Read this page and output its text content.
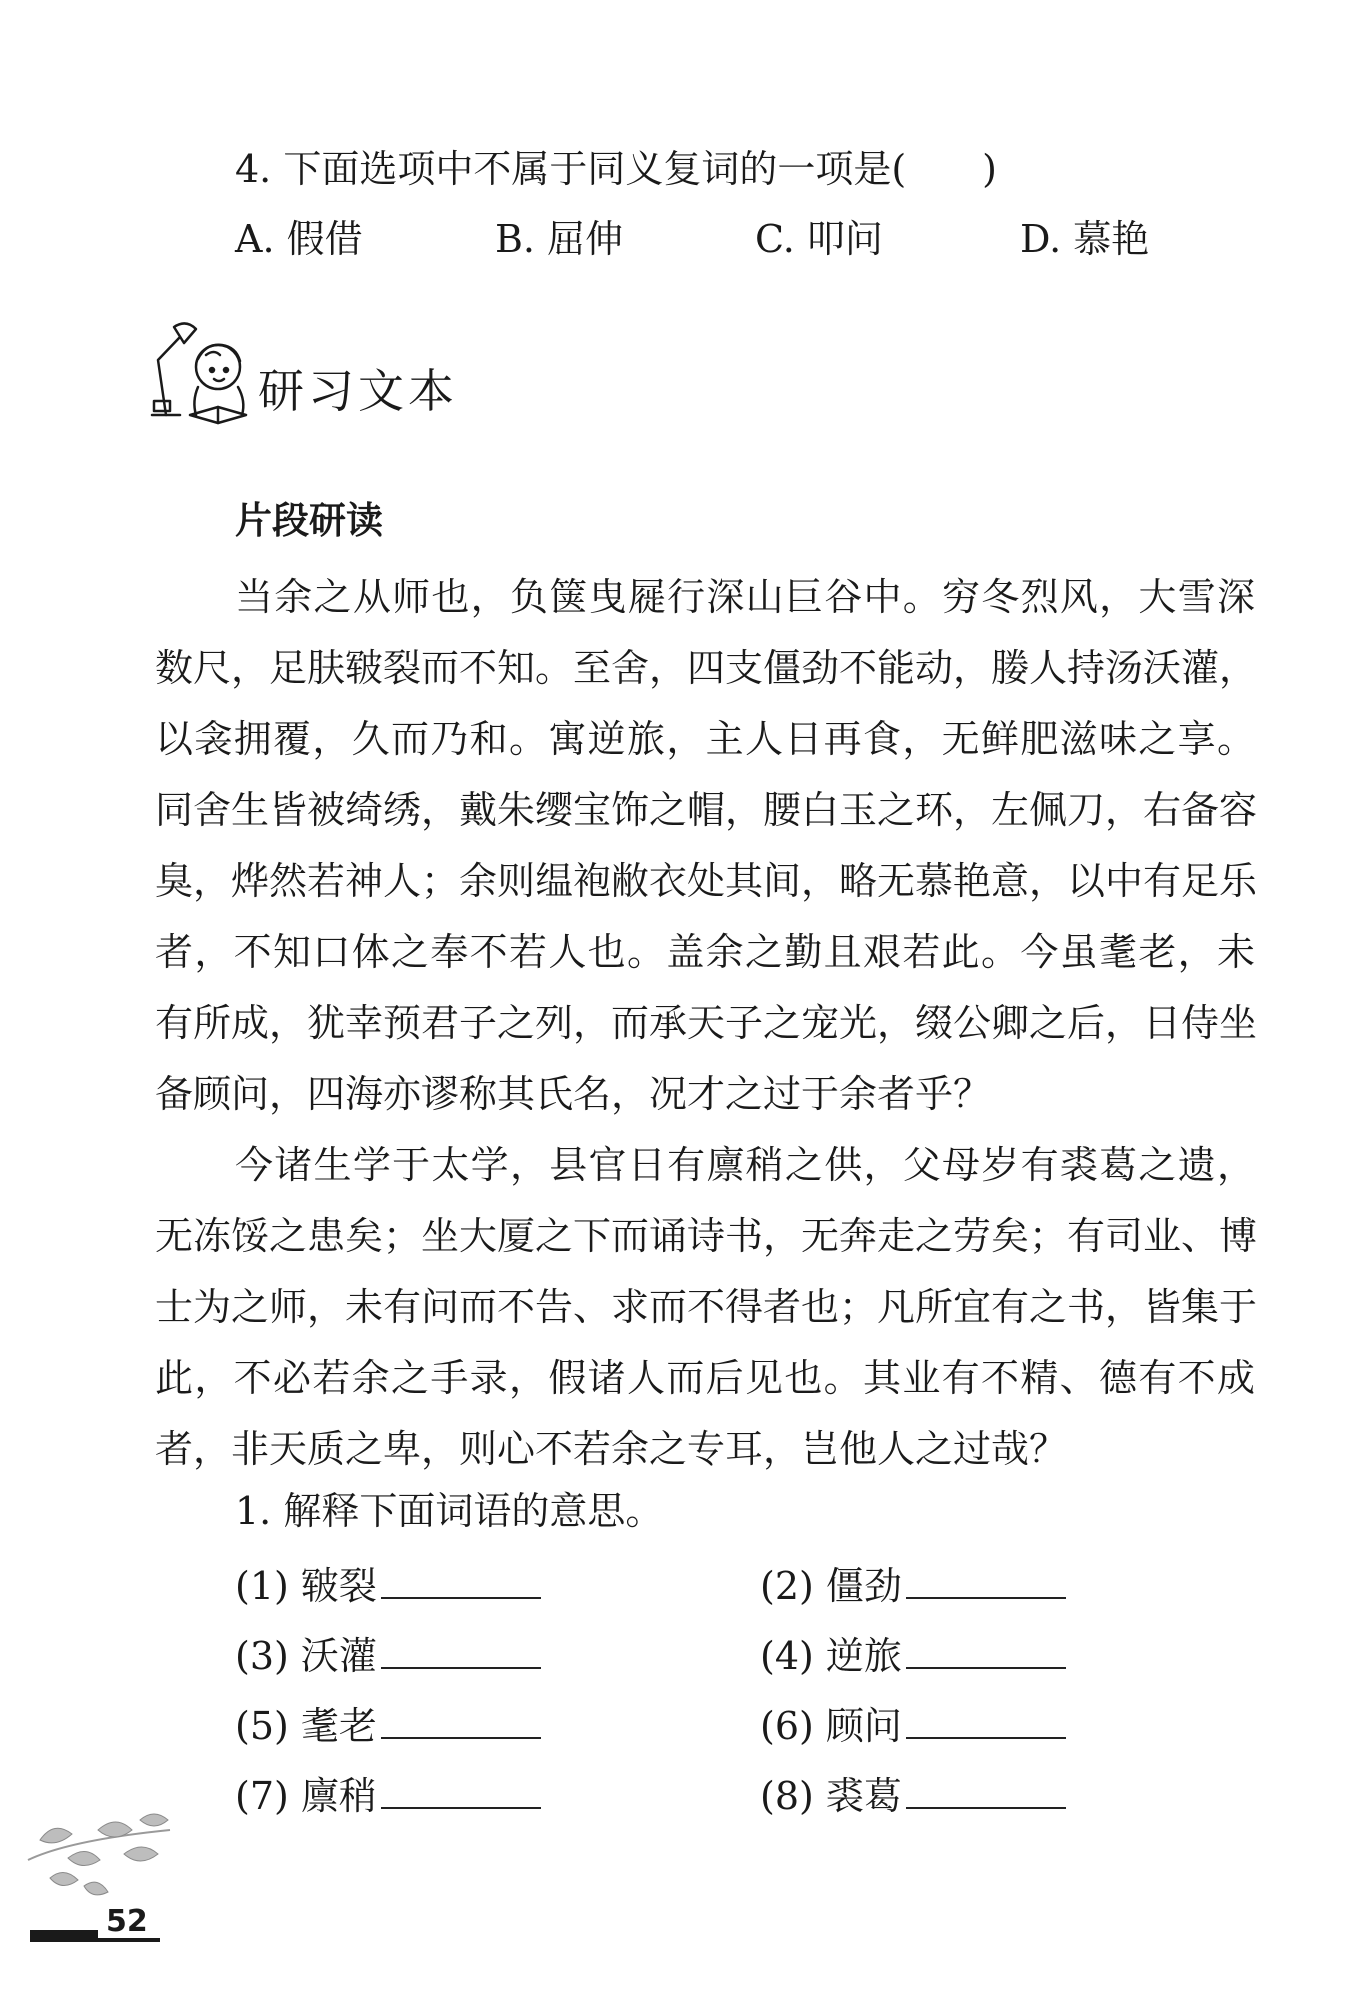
4. 下面选项中不属于同义复词的一项是(　　)
A. 假借	B. 屈伸	C. 叩问	D. 慕艳
研习文本
片段研读
当余之从师也，负箧曳屣行深山巨谷中。穷冬烈风，大雪深
数尺，足肤皲裂而不知。至舍，四支僵劲不能动，媵人持汤沃灌，
以衾拥覆，久而乃和。寓逆旅，主人日再食，无鲜肥滋味之享。
同舍生皆被绮绣，戴朱缨宝饰之帽，腰白玉之环，左佩刀，右备容
臭，烨然若神人；余则缊袍敝衣处其间，略无慕艳意，以中有足乐
者，不知口体之奉不若人也。盖余之勤且艰若此。今虽耄老，未
有所成，犹幸预君子之列，而承天子之宠光，缀公卿之后，日侍坐
备顾问，四海亦谬称其氏名，况才之过于余者乎？
今诸生学于太学，县官日有廪稍之供，父母岁有裘葛之遗，
无冻馁之患矣；坐大厦之下而诵诗书，无奔走之劳矣；有司业、博
士为之师，未有问而不告、求而不得者也；凡所宜有之书，皆集于
此，不必若余之手录，假诸人而后见也。其业有不精、德有不成
者，非天质之卑，则心不若余之专耳，岂他人之过哉？
1. 解释下面词语的意思。
(1) 皲裂	(2) 僵劲
(3) 沃灌	(4) 逆旅
(5) 耄老	(6) 顾问
(7) 廪稍	(8) 裘葛
52
